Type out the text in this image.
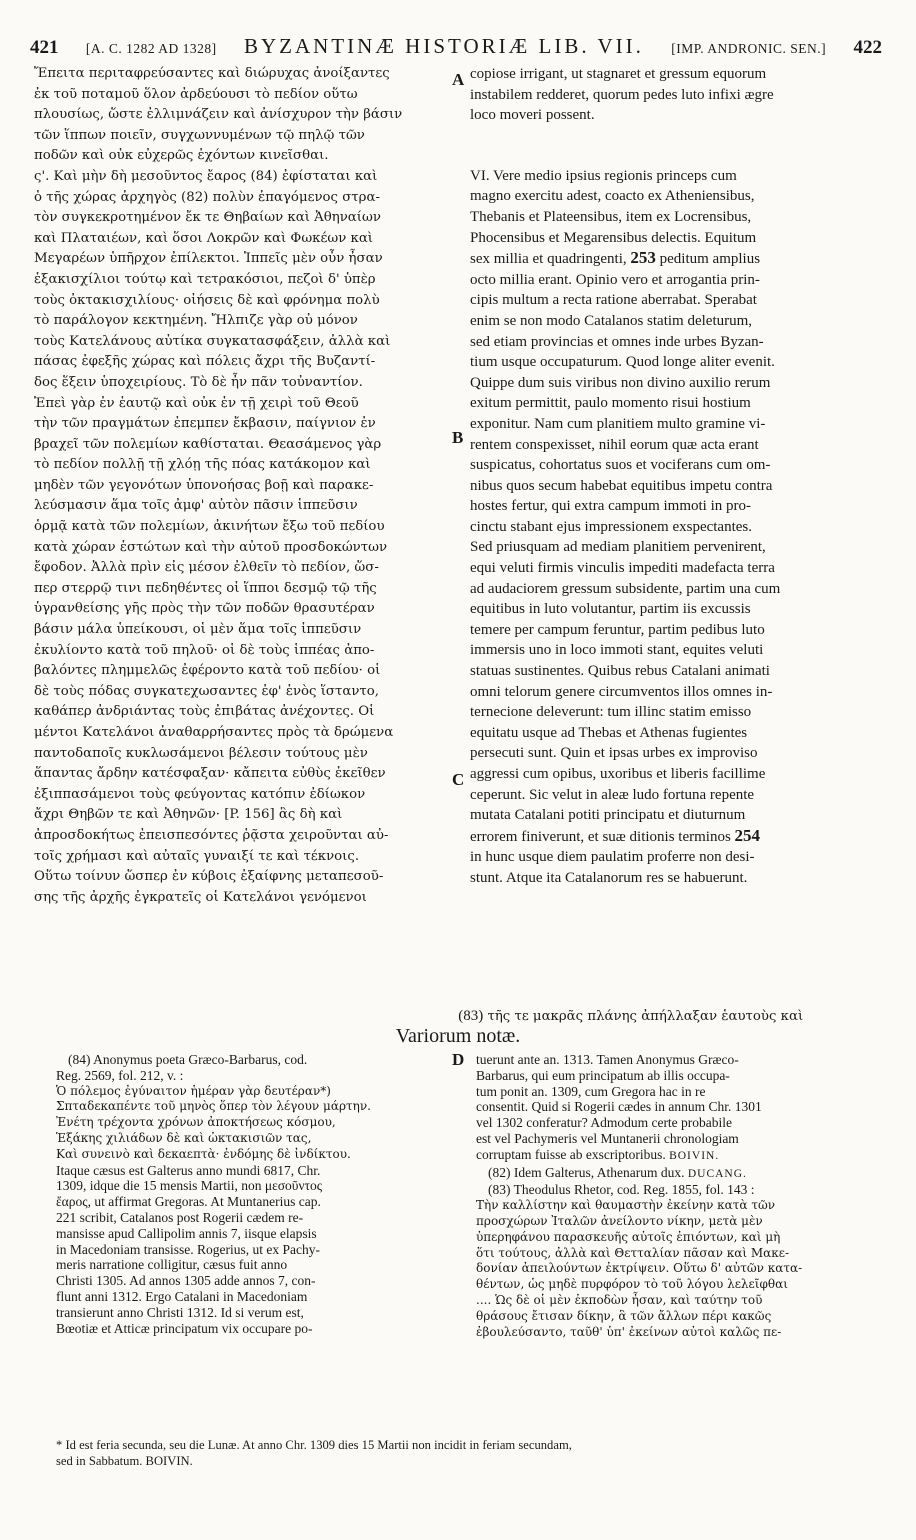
421 [A. C. 1282 AD 1328] BYZANTINÆ HISTORIÆ LIB. VII. [IMP. ANDRONIC. SEN.] 422

Ἔπειτα περιταφρεύσαντες καὶ διώρυχας ἀνοίξαντες

ἐκ τοῦ ποταμοῦ ὅλον ἀρδεύουσι τὸ πεδίον οὕτω

πλουσίως, ὥστε ἐλλιμνάζειν καὶ ἀνίσχυρον τὴν βάσιν

τῶν ἵππων ποιεῖν, συγχωννυμένων τῷ πηλῷ τῶν

ποδῶν καὶ οὐκ εὐχερῶς ἐχόντων κινεῖσθαι.

ς'. Καὶ μὴν δὴ μεσοῦντος ἔαρος (84) ἐφίσταται καὶ

ὁ τῆς χώρας ἀρχηγὸς (82) πολὺν ἐπαγόμενος στρα-

τὸν συγκεκροτημένον ἔκ τε Θηβαίων καὶ Ἀθηναίων

καὶ Πλαταιέων, καὶ ὅσοι Λοκρῶν καὶ Φωκέων καὶ

Μεγαρέων ὑπῆρχον ἐπίλεκτοι. Ἱππεῖς μὲν οὖν ἦσαν

ἑξακισχίλιοι τούτῳ καὶ τετρακόσιοι, πεζοὶ δ' ὑπὲρ

τοὺς ὀκτακισχιλίους· οἰήσεις δὲ καὶ φρόνημα πολὺ

τὸ παράλογον κεκτημένη. Ἤλπιζε γὰρ οὐ μόνον

τοὺς Κατελάνους αὐτίκα συγκατασφάξειν, ἀλλὰ καὶ

πάσας ἐφεξῆς χώρας καὶ πόλεις ἄχρι τῆς Βυζαντί-

δος ἕξειν ὑποχειρίους. Τὸ δὲ ἦν πᾶν τοὐναντίον.

Ἐπεὶ γὰρ ἐν ἑαυτῷ καὶ οὐκ ἐν τῇ χειρὶ τοῦ Θεοῦ

τὴν τῶν πραγμάτων ἐπεμπεν ἔκβασιν, παίγνιον ἐν

βραχεῖ τῶν πολεμίων καθίσταται. Θεασάμενος γὰρ

τὸ πεδίον πολλῇ τῇ χλόῃ τῆς πόας κατάκομον καὶ

μηδὲν τῶν γεγονότων ὑπονοήσας βοῇ καὶ παρακε-

λεύσμασιν ἅμα τοῖς ἀμφ' αὐτὸν πᾶσιν ἱππεῦσιν

ὁρμᾷ κατὰ τῶν πολεμίων, ἀκινήτων ἔξω τοῦ πεδίου

κατὰ χώραν ἑστώτων καὶ τὴν αὐτοῦ προσδοκώντων

ἔφοδον. Ἀλλὰ πρὶν εἰς μέσον ἐλθεῖν τὸ πεδίον, ὥσ-

περ στερρῷ τινι πεδηθέντες οἱ ἵπποι δεσμῷ τῷ τῆς

ὑγρανθείσης γῆς πρὸς τὴν τῶν ποδῶν θρασυτέραν

βάσιν μάλα ὑπείκουσι, οἱ μὲν ἅμα τοῖς ἱππεῦσιν

ἐκυλίοντο κατὰ τοῦ πηλοῦ· οἱ δὲ τοὺς ἱππέας ἀπο-

βαλόντες πλημμελῶς ἐφέροντο κατὰ τοῦ πεδίου· οἱ

δὲ τοὺς πόδας συγκατεχωσαντες ἐφ' ἑνὸς ἵσταντο,

καθάπερ ἀνδριάντας τοὺς ἐπιβάτας ἀνέχοντες. Οἱ

μέντοι Κατελάνοι ἀναθαρρήσαντες πρὸς τὰ δρώμενα

παντοδαποῖς κυκλωσάμενοι βέλεσιν τούτους μὲν

ἅπαντας ἄρδην κατέσφαξαν· κἄπειτα εὐθὺς ἐκεῖθεν

ἐξιππασάμενοι τοὺς φεύγοντας κατόπιν ἐδίωκον

ἄχρι Θηβῶν τε καὶ Ἀθηνῶν· [P. 156] ἃς δὴ καὶ

ἀπροσδοκήτως ἐπεισπεσόντες ῥᾷστα χειροῦνται αὐ-

τοῖς χρήμασι καὶ αὐταῖς γυναιξί τε καὶ τέκνοις.

Οὕτω τοίνυν ὥσπερ ἐν κύβοις ἐξαίφνης μεταπεσοῦ-

σης τῆς ἀρχῆς ἐγκρατεῖς οἱ Κατελάνοι γενόμενοι

A
B
C
D

copiose irrigant, ut stagnaret et gressum equorum

instabilem redderet, quorum pedes luto infixi ægre

loco moveri possent.

VI. Vere medio ipsius regionis princeps cum

magno exercitu adest, coacto ex Atheniensibus,

Thebanis et Plateensibus, item ex Locrensibus,

Phocensibus et Megarensibus delectis. Equitum

sex millia et quadringenti, 253 peditum amplius

octo millia erant. Opinio vero et arrogantia prin-

cipis multum a recta ratione aberrabat. Sperabat

enim se non modo Catalanos statim deleturum,

sed etiam provincias et omnes inde urbes Byzan-

tium usque occupaturum. Quod longe aliter evenit.

Quippe dum suis viribus non divino auxilio rerum

exitum permittit, paulo momento risui hostium

exponitur. Nam cum planitiem multo gramine vi-

rentem conspexisset, nihil eorum quæ acta erant

suspicatus, cohortatus suos et vociferans cum om-

nibus quos secum habebat equitibus impetu contra

hostes fertur, qui extra campum immoti in pro-

cinctu stabant ejus impressionem exspectantes.

Sed priusquam ad mediam planitiem pervenirent,

equi veluti firmis vinculis impediti madefacta terra

ad audaciorem gressum subsidente, partim una cum

equitibus in luto volutantur, partim iis excussis

temere per campum feruntur, partim pedibus luto

immersis uno in loco immoti stant, equites veluti

statuas sustinentes. Quibus rebus Catalani animati

omni telorum genere circumventos illos omnes in-

ternecione deleverunt: tum illinc statim emisso

equitatu usque ad Thebas et Athenas fugientes

persecuti sunt. Quin et ipsas urbes ex improviso

aggressi cum opibus, uxoribus et liberis facillime

ceperunt. Sic velut in aleæ ludo fortuna repente

mutata Catalani potiti principatu et diuturnum

errorem finiverunt, et suæ ditionis terminos 254

in hunc usque diem paulatim proferre non desi-

stunt. Atque ita Catalanorum res se habuerunt.

(83) τῆς τε μακρᾶς πλάνης ἀπήλλαξαν ἑαυτοὺς καὶ
Variorum notæ.

(84) Anonymus poeta Græco-Barbarus, cod.

Reg. 2569, fol. 212, v. :

Ὁ πόλεμος ἐγύναιτον ἡμέραν γὰρ δευτέραν*)

Σπταδεκαπέντε τοῦ μηνὸς ὅπερ τὸν λέγουν μάρτην.

Ἐνέτη τρέχοντα χρόνων ἀποκτήσεως κόσμου,

Ἑξάκης χιλιάδων δὲ καὶ ὠκτακισιῶν τας,

Καὶ συνεινὸ καὶ δεκαεπτὰ· ἐνδόμης δὲ ἰνδίκτου.

Itaque cæsus est Galterus anno mundi 6817, Chr.

1309, idque die 15 mensis Martii, non μεσοῦντος

ἔαρος, ut affirmat Gregoras. At Muntanerius cap.

221 scribit, Catalanos post Rogerii cædem re-

mansisse apud Callipolim annis 7, iisque elapsis

in Macedoniam transisse. Rogerius, ut ex Pachy-

meris narratione colligitur, cæsus fuit anno

Christi 1305. Ad annos 1305 adde annos 7, con-

flunt anni 1312. Ergo Catalani in Macedoniam

transierunt anno Christi 1312. Id si verum est,

Bœotiæ et Atticæ principatum vix occupare po-

tuerunt ante an. 1313. Tamen Anonymus Græco-

Barbarus, qui eum principatum ab illis occupa-

tum ponit an. 1309, cum Gregora hac in re

consentit. Quid si Rogerii cædes in annum Chr. 1301

vel 1302 conferatur? Admodum certe probabile

est vel Pachymeris vel Muntanerii chronologiam

corruptam fuisse ab exscriptoribus. BOIVIN.

(82) Idem Galterus, Athenarum dux. DUCANG.

(83) Theodulus Rhetor, cod. Reg. 1855, fol. 143 :

Τὴν καλλίστην καὶ θαυμαστὴν ἐκείνην κατὰ τῶν

προσχώρων Ἰταλῶν ἀνείλοντο νίκην, μετὰ μὲν

ὑπερηφάνου παρασκευῆς αὐτοῖς ἐπιόντων, καὶ μὴ

ὅτι τούτους, ἀλλὰ καὶ Θετταλίαν πᾶσαν καὶ Μακε-

δονίαν ἀπειλούντων ἐκτρίψειν. Οὕτω δ' αὐτῶν κατα-

θέντων, ὡς μηδὲ πυρφόρον τὸ τοῦ λόγου λελεῖφθαι

.... Ὡς δὲ οἱ μὲν ἐκποδὼν ἦσαν, καὶ ταύτην τοῦ

θράσους ἔτισαν δίκην, ἃ τῶν ἄλλων πέρι κακῶς

ἐβουλεύσαντο, ταῦθ' ὑπ' ἐκείνων αὐτοὶ καλῶς πε-

* Id est feria secunda, seu die Lunæ. At anno Chr. 1309 dies 15 Martii non incidit in feriam secundam,
sed in Sabbatum. BOIVIN.
